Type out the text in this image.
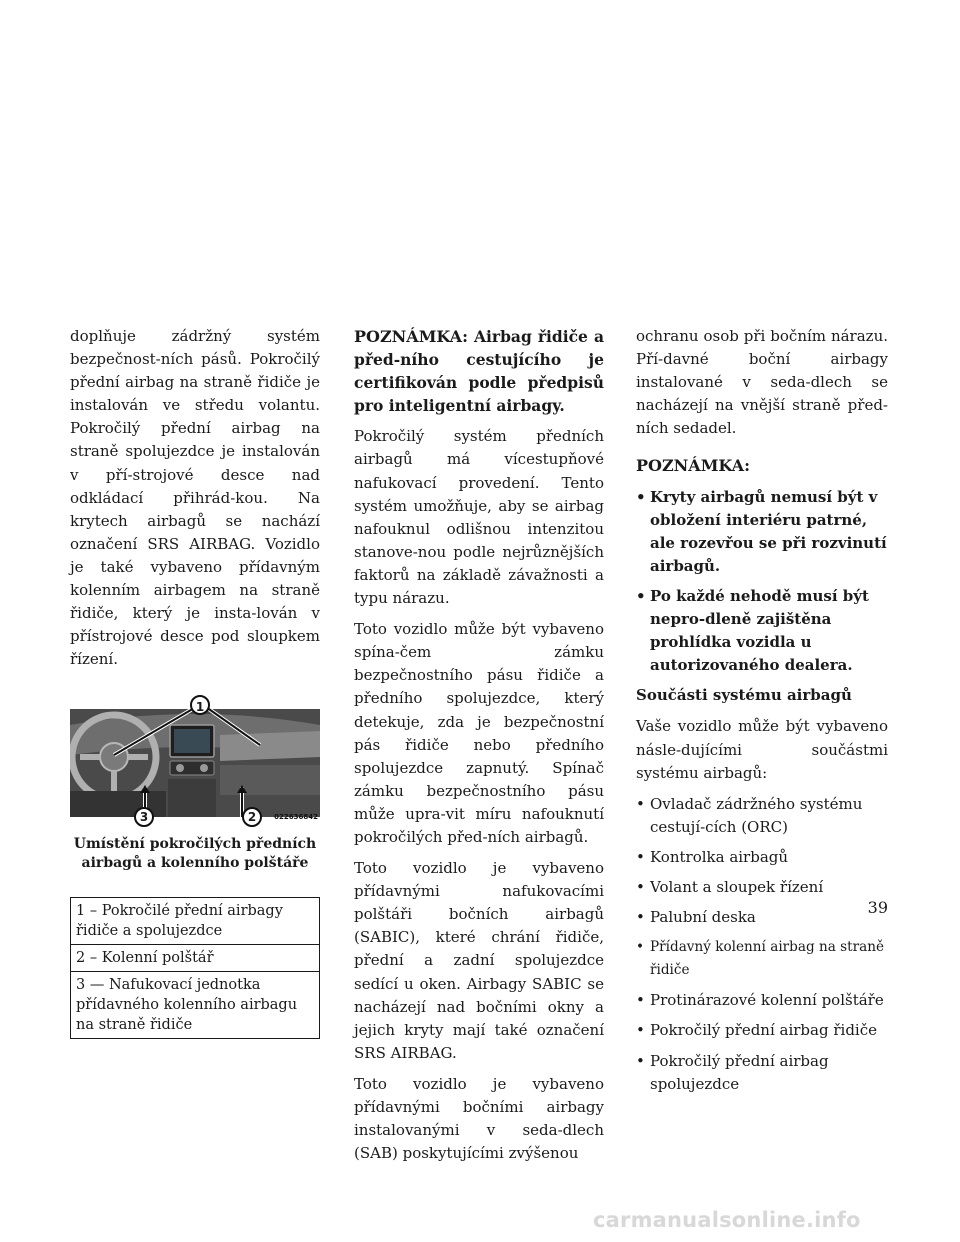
doplňuje zádržný systém bezpečnost-ních pásů. Pokročilý přední airbag na straně řidiče je instalován ve středu volantu. Pokročilý přední airbag na straně spolujezdce je instalován v pří-strojové desce nad odkládací přihrád-kou. Na krytech airbagů se nachází označení SRS AIRBAG. Vozidlo je také vybaveno přídavným kolenním airbagem na straně řidiče, který je insta-lován v přístrojové desce pod sloupkem řízení.

1
2
3	022636842
Umístění pokročilých předních airbagů a kolenního polštáře
1 – Pokročilé přední airbagy řidiče a spolujezdce
2 – Kolenní polštář
3 — Nafukovací jednotka přídavného kolenního airbagu na straně řidiče

POZNÁMKA: Airbag řidiče a před-ního cestujícího je certifikován podle předpisů pro inteligentní airbagy.

Pokročilý systém předních airbagů má vícestupňové nafukovací provedení. Tento systém umožňuje, aby se airbag nafouknul odlišnou intenzitou stanove-nou podle nejrůznějších faktorů na základě závažnosti a typu nárazu.

Toto vozidlo může být vybaveno spína-čem zámku bezpečnostního pásu řidiče a předního spolujezdce, který detekuje, zda je bezpečnostní pás řidiče nebo předního spolujezdce zapnutý. Spínač zámku bezpečnostního pásu může upra-vit míru nafouknutí pokročilých před-ních airbagů.

Toto vozidlo je vybaveno přídavnými nafukovacími polštáři bočních airbagů (SABIC), které chrání řidiče, přední a zadní spolujezdce sedící u oken. Airbagy SABIC se nacházejí nad bočními okny a jejich kryty mají také označení SRS AIRBAG.

Toto vozidlo je vybaveno přídavnými bočními airbagy instalovanými v seda-dlech (SAB) poskytujícími zvýšenou

ochranu osob při bočním nárazu. Pří-davné boční airbagy instalované v seda-dlech se nacházejí na vnější straně před-ních sedadel.

POZNÁMKA:
• Kryty airbagů nemusí být v obložení interiéru patrné, ale rozevřou se při rozvinutí airbagů.
• Po každé nehodě musí být nepro-dleně zajištěna prohlídka vozidla u autorizovaného dealera.

Součásti systému airbagů

Vaše vozidlo může být vybaveno násle-dujícími součástmi systému airbagů:

• Ovladač zádržného systému cestují-cích (ORC)
• Kontrolka airbagů
• Volant a sloupek řízení
• Palubní deska
• Přídavný kolenní airbag na straně řidiče
• Protinárazové kolenní polštáře
• Pokročilý přední airbag řidiče
• Pokročilý přední airbag spolujezdce
39
carmanualsonline.info
